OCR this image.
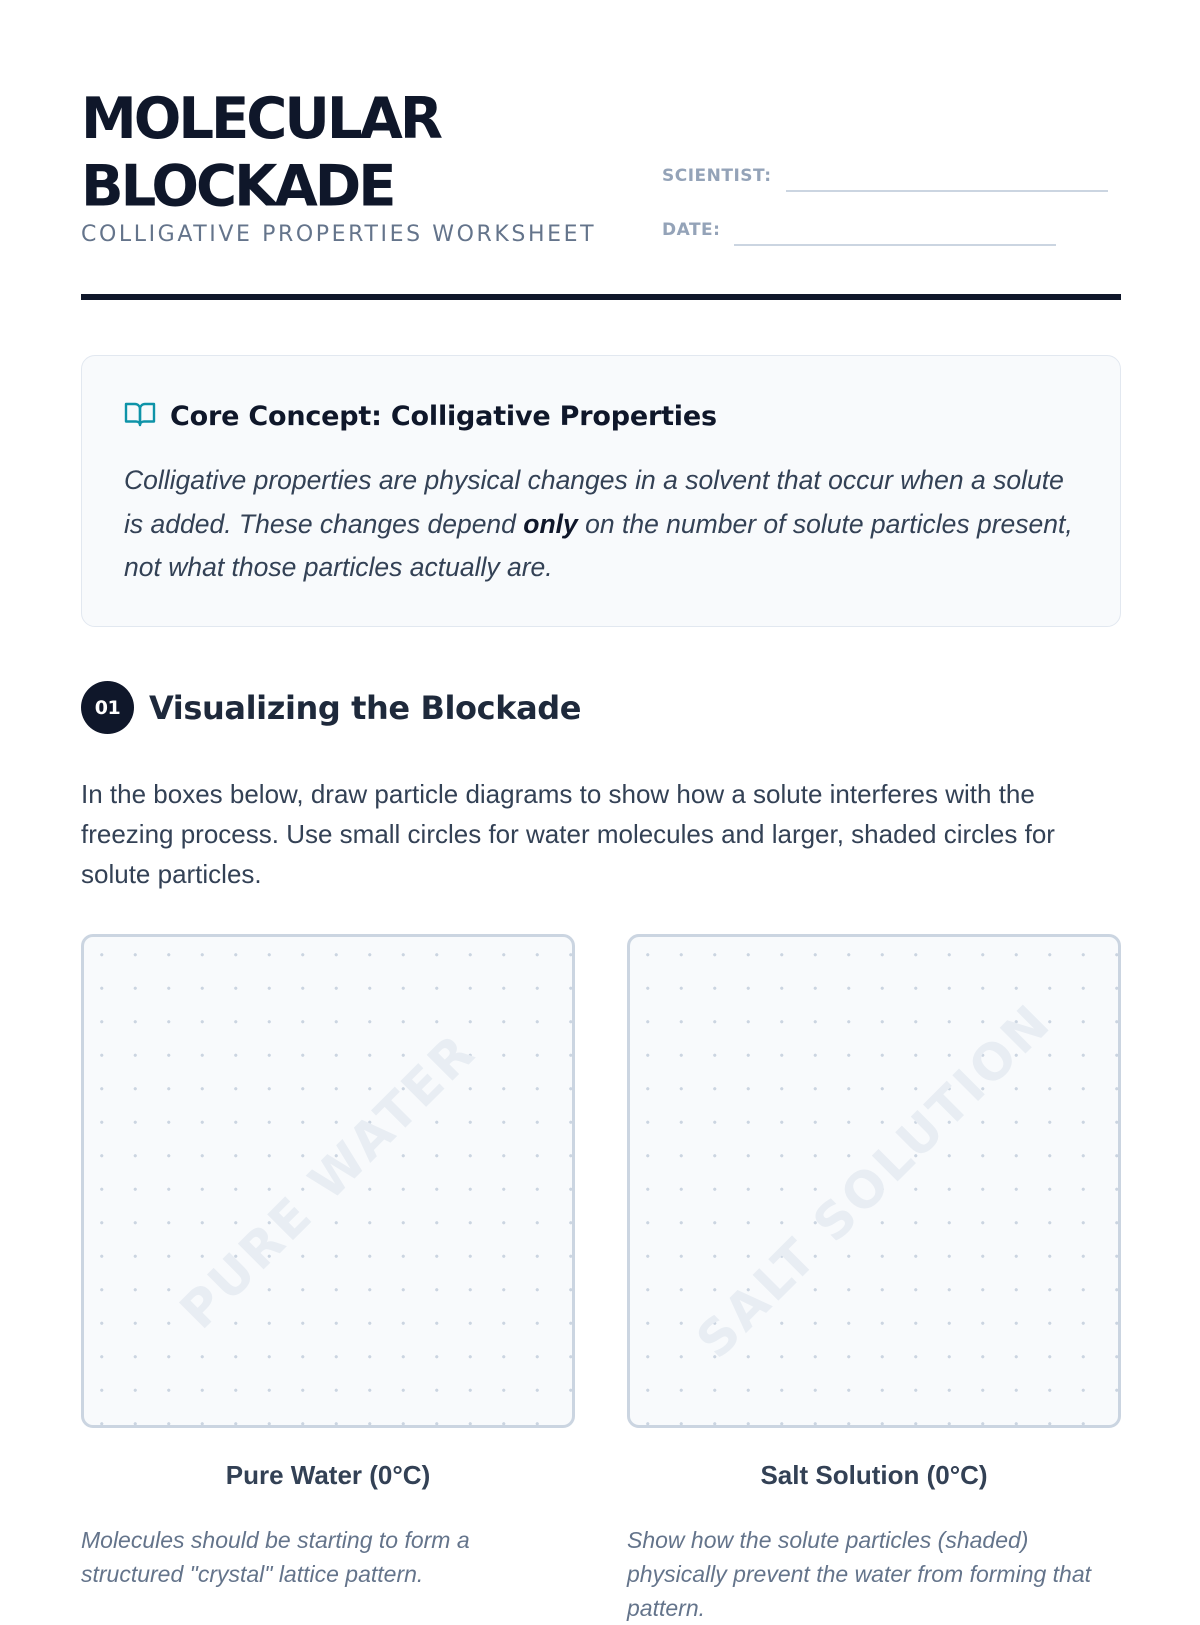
MOLECULAR
BLOCKADE
COLLIGATIVE PROPERTIES WORKSHEET
SCIENTIST:
DATE:
Core Concept: Colligative Properties
Colligative properties are physical changes in a solvent that occur when a solute is added. These changes depend only on the number of solute particles present, not what those particles actually are.
01 Visualizing the Blockade
In the boxes below, draw particle diagrams to show how a solute interferes with the freezing process. Use small circles for water molecules and larger, shaded circles for solute particles.
PURE WATER	SALT SOLUTION
Pure Water (0°C)	Salt Solution (0°C)
Molecules should be starting to form a structured "crystal" lattice pattern.
Show how the solute particles (shaded) physically prevent the water from forming that pattern.
